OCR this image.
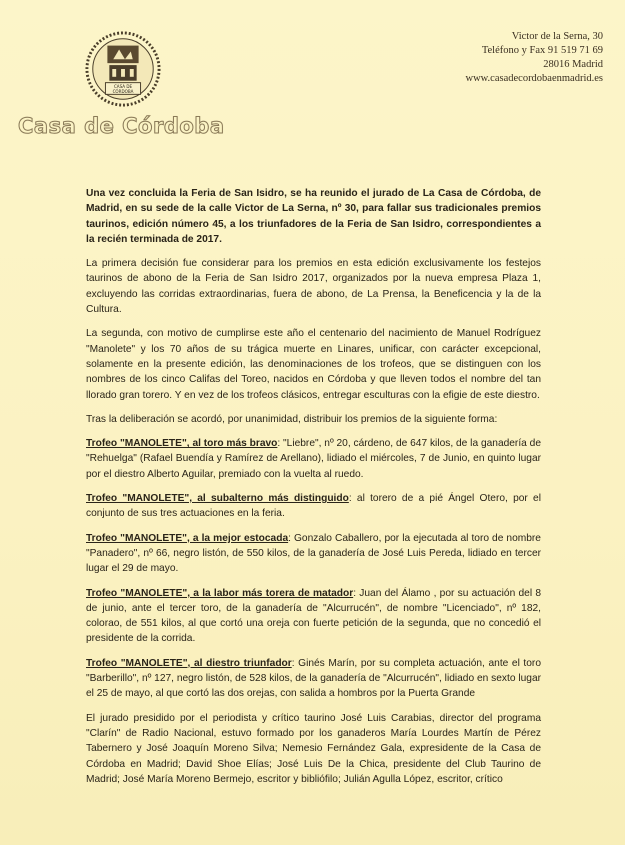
CASA DE
CÓRDOBA
Casa de Córdoba
Victor de la Serna, 30
Teléfono y Fax 91 519 71 69
28016 Madrid
www.casadecordobaenmadrid.es

Una vez concluida la Feria de San Isidro, se ha reunido el jurado de La Casa de Córdoba, de Madrid, en su sede de la calle Victor de La Serna, nº 30, para fallar sus tradicionales premios taurinos, edición número 45, a los triunfadores de la Feria de San Isidro, correspondientes a la recién terminada de 2017.

La primera decisión fue considerar para los premios en esta edición exclusivamente los festejos taurinos de abono de la Feria de San Isidro 2017, organizados por la nueva empresa Plaza 1, excluyendo las corridas extraordinarias, fuera de abono, de La Prensa, la Beneficencia y la de la Cultura.

La segunda, con motivo de cumplirse este año el centenario del nacimiento de Manuel Rodríguez "Manolete" y los 70 años de su trágica muerte en Linares, unificar, con carácter excepcional, solamente en la presente edición, las denominaciones de los trofeos, que se distinguen con los nombres de los cinco Califas del Toreo, nacidos en Córdoba y que lleven todos el nombre del tan llorado gran torero. Y en vez de los trofeos clásicos, entregar esculturas con la efigie de este diestro.

Tras la deliberación se acordó, por unanimidad, distribuir los premios de la siguiente forma:

Trofeo "MANOLETE", al toro más bravo: "Liebre", nº 20, cárdeno, de 647 kilos, de la ganadería de "Rehuelga" (Rafael Buendía y Ramírez de Arellano), lidiado el miércoles, 7 de Junio, en quinto lugar por el diestro Alberto Aguilar, premiado con la vuelta al ruedo.

Trofeo "MANOLETE", al subalterno más distinguido: al torero de a pié Ángel Otero, por el conjunto de sus tres actuaciones en la feria.

Trofeo "MANOLETE", a la mejor estocada: Gonzalo Caballero, por la ejecutada al toro de nombre "Panadero", nº 66, negro listón, de 550 kilos, de la ganadería de José Luis Pereda, lidiado en tercer lugar el 29 de mayo.

Trofeo "MANOLETE", a la labor más torera de matador: Juan del Álamo , por su actuación del 8 de junio, ante el tercer toro, de la ganadería de "Alcurrucén", de nombre "Licenciado", nº 182, colorao, de 551 kilos, al que cortó una oreja con fuerte petición de la segunda, que no concedió el presidente de la corrida.

Trofeo "MANOLETE", al diestro triunfador: Ginés Marín, por su completa actuación, ante el toro "Barberillo", nº 127, negro listón, de 528 kilos, de la ganadería de "Alcurrucén", lidiado en sexto lugar el 25 de mayo, al que cortó las dos orejas, con salida a hombros por la Puerta Grande

El jurado presidido por el periodista y crítico taurino José Luis Carabias, director del programa "Clarín" de Radio Nacional, estuvo formado por los ganaderos María Lourdes Martín de Pérez Tabernero y José Joaquín Moreno Silva; Nemesio Fernández Gala, expresidente de la Casa de Córdoba en Madrid; David Shoe Elías; José Luis De la Chica, presidente del Club Taurino de Madrid; José María Moreno Bermejo, escritor y bibliófilo; Julián Agulla López, escritor, crítico
